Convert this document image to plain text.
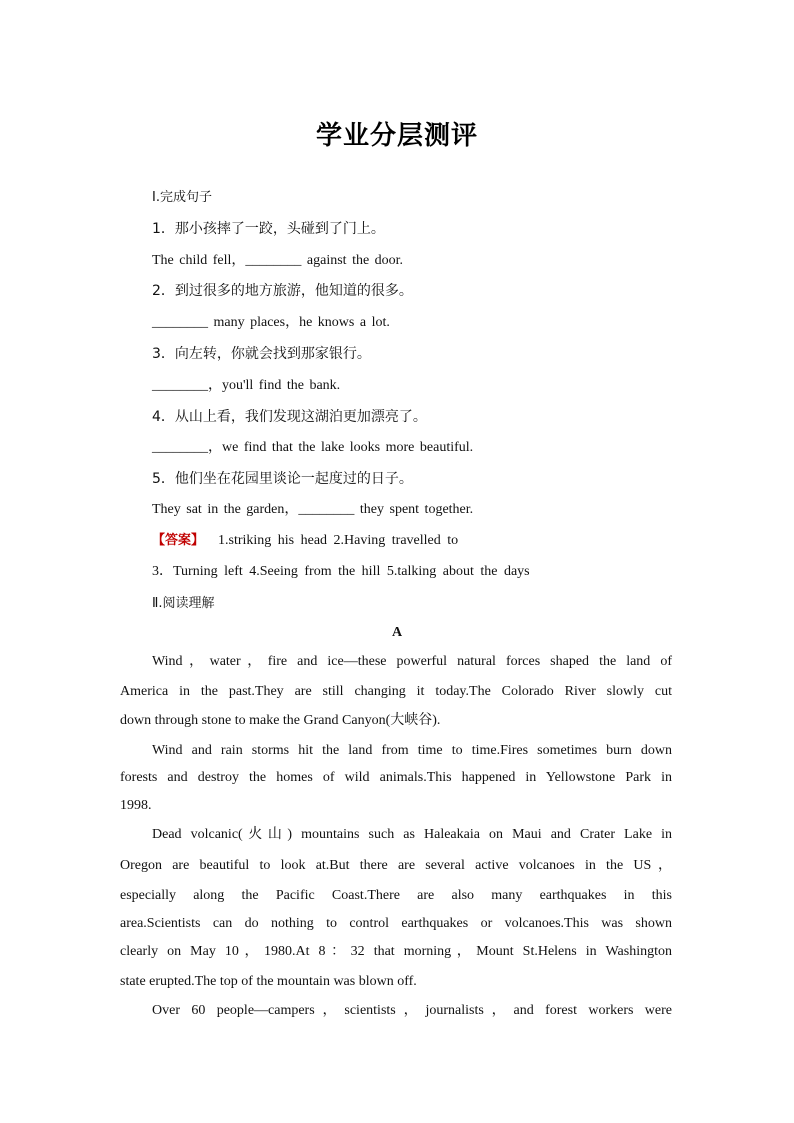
学业分层测评
Ⅰ.完成句子
1．那小孩摔了一跤，头碰到了门上。
The child fell，________ against the door.
2．到过很多的地方旅游，他知道的很多。
________ many places，he knows a lot.
3．向左转，你就会找到那家银行。
________，you'll find the bank.
4．从山上看，我们发现这湖泊更加漂亮了。
________，we find that the lake looks more beautiful.
5．他们坐在花园里谈论一起度过的日子。
They sat in the garden，________ they spent together.
【答案】 1.striking his head 2.Having travelled to
3．Turning left 4.Seeing from the hill 5.talking about the days
Ⅱ.阅读理解
A
Wind，water，fire and ice—these powerful natural forces shaped the land of
America in the past.They are still changing it today.The Colorado River slowly cut
down through stone to make the Grand Canyon(大峡谷).
Wind and rain storms hit the land from time to time.Fires sometimes burn down
forests and destroy the homes of wild animals.This happened in Yellowstone Park in
1998.
Dead volcanic(火山) mountains such as Haleakaia on Maui and Crater Lake in
Oregon are beautiful to look at.But there are several active volcanoes in the US，
especially along the Pacific Coast.There are also many earthquakes in this
area.Scientists can do nothing to control earthquakes or volcanoes.This was shown
clearly on May 10，1980.At 8：32 that morning，Mount St.Helens in Washington
state erupted.The top of the mountain was blown off.
Over 60 people—campers，scientists，journalists，and forest workers were
